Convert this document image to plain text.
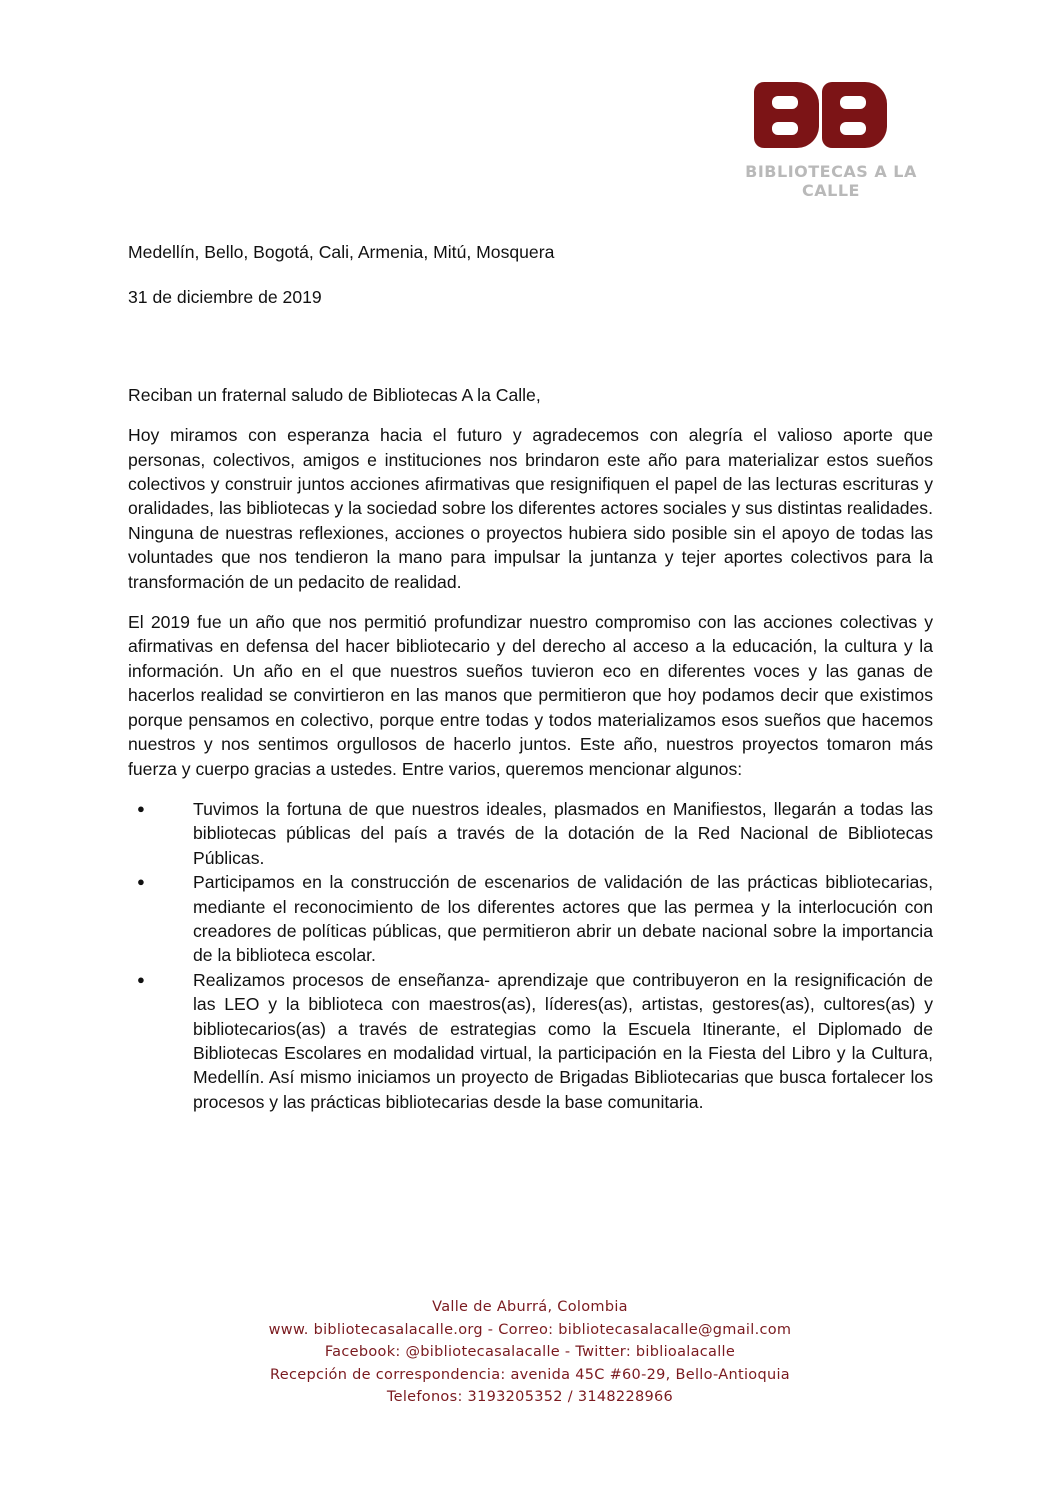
BIBLIOTECAS A LA CALLE

Medellín, Bello, Bogotá, Cali, Armenia, Mitú, Mosquera

31 de diciembre de 2019

Reciban un fraternal saludo de Bibliotecas A la Calle,

Hoy miramos con esperanza hacia el futuro y agradecemos con alegría el valioso aporte que personas, colectivos, amigos e instituciones nos brindaron este año para materializar estos sueños colectivos y construir juntos acciones afirmativas que resignifiquen el papel de las lecturas escrituras y oralidades, las bibliotecas y la sociedad sobre los diferentes actores sociales y sus distintas realidades. Ninguna de nuestras reflexiones, acciones o proyectos hubiera sido posible sin el apoyo de todas las voluntades que nos tendieron la mano para impulsar la juntanza y tejer aportes colectivos para la transformación de un pedacito de realidad.

El 2019 fue un año que nos permitió profundizar nuestro compromiso con las acciones colectivas y afirmativas en defensa del hacer bibliotecario y del derecho al acceso a la educación, la cultura y la información. Un año en el que nuestros sueños tuvieron eco en diferentes voces y las ganas de hacerlos realidad se convirtieron en las manos que permitieron que hoy podamos decir que existimos porque pensamos en colectivo, porque entre todas y todos materializamos esos sueños que hacemos nuestros y nos sentimos orgullosos de hacerlo juntos. Este año, nuestros proyectos tomaron más fuerza y cuerpo gracias a ustedes. Entre varios, queremos mencionar algunos:

● Tuvimos la fortuna de que nuestros ideales, plasmados en Manifiestos, llegarán a todas las bibliotecas públicas del país a través de la dotación de la Red Nacional de Bibliotecas Públicas.
● Participamos en la construcción de escenarios de validación de las prácticas bibliotecarias, mediante el reconocimiento de los diferentes actores que las permea y la interlocución con creadores de políticas públicas, que permitieron abrir un debate nacional sobre la importancia de la biblioteca escolar.
● Realizamos procesos de enseñanza- aprendizaje que contribuyeron en la resignificación de las LEO y la biblioteca con maestros(as), líderes(as), artistas, gestores(as), cultores(as) y bibliotecarios(as) a través de estrategias como la Escuela Itinerante, el Diplomado de Bibliotecas Escolares en modalidad virtual, la participación en la Fiesta del Libro y la Cultura, Medellín. Así mismo iniciamos un proyecto de Brigadas Bibliotecarias que busca fortalecer los procesos y las prácticas bibliotecarias desde la base comunitaria.
Valle de Aburrá, Colombia
www. bibliotecasalacalle.org - Correo: bibliotecasalacalle@gmail.com
Facebook: @bibliotecasalacalle - Twitter: biblioalacalle
Recepción de correspondencia: avenida 45C #60-29, Bello-Antioquia
Telefonos: 3193205352 / 3148228966
